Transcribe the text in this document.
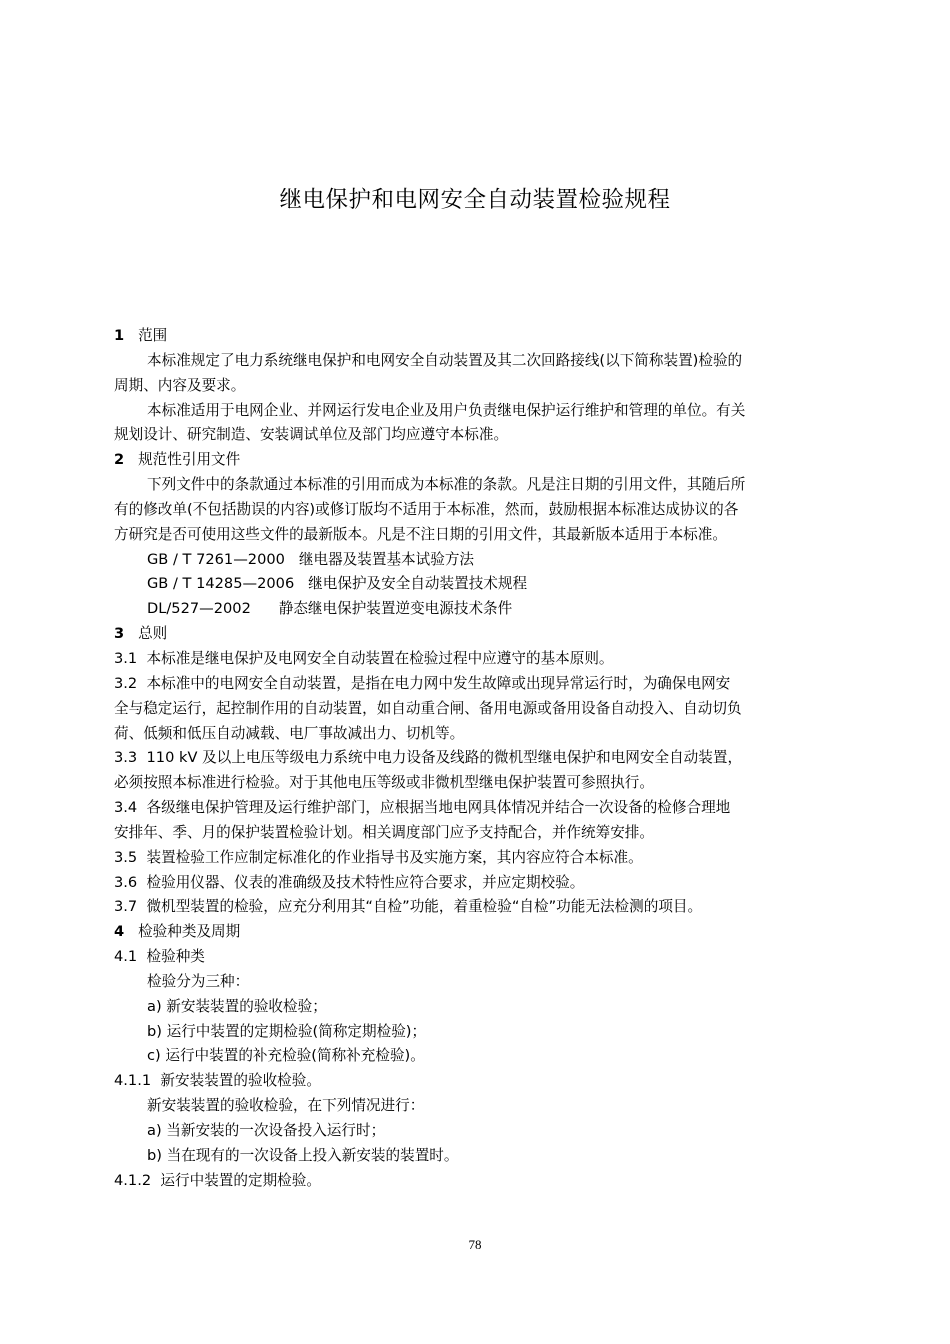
继电保护和电网安全自动装置检验规程
1 范围
本标准规定了电力系统继电保护和电网安全自动装置及其二次回路接线(以下简称装置)检验的
周期、内容及要求。
本标准适用于电网企业、并网运行发电企业及用户负责继电保护运行维护和管理的单位。有关
规划设计、研究制造、安装调试单位及部门均应遵守本标准。
2 规范性引用文件
下列文件中的条款通过本标准的引用而成为本标准的条款。凡是注日期的引用文件，其随后所
有的修改单(不包括勘误的内容)或修订版均不适用于本标准，然而，鼓励根据本标准达成协议的各
方研究是否可使用这些文件的最新版本。凡是不注日期的引用文件，其最新版本适用于本标准。
GB / T 7261—2000 继电器及装置基本试验方法
GB / T 14285—2006 继电保护及安全自动装置技术规程
DL/527—2002 静态继电保护装置逆变电源技术条件
3 总则
3.1 本标准是继电保护及电网安全自动装置在检验过程中应遵守的基本原则。
3.2 本标准中的电网安全自动装置，是指在电力网中发生故障或出现异常运行时，为确保电网安
全与稳定运行，起控制作用的自动装置，如自动重合闸、备用电源或备用设备自动投入、自动切负
荷、低频和低压自动减载、电厂事故减出力、切机等。
3.3 110 kV 及以上电压等级电力系统中电力设备及线路的微机型继电保护和电网安全自动装置，
必须按照本标准进行检验。对于其他电压等级或非微机型继电保护装置可参照执行。
3.4 各级继电保护管理及运行维护部门，应根据当地电网具体情况并结合一次设备的检修合理地
安排年、季、月的保护装置检验计划。相关调度部门应予支持配合，并作统筹安排。
3.5 装置检验工作应制定标准化的作业指导书及实施方案，其内容应符合本标准。
3.6 检验用仪器、仪表的准确级及技术特性应符合要求，并应定期校验。
3.7 微机型装置的检验，应充分利用其“自检”功能，着重检验“自检”功能无法检测的项目。
4 检验种类及周期
4.1 检验种类
检验分为三种：
a) 新安装装置的验收检验；
b) 运行中装置的定期检验(简称定期检验)；
c) 运行中装置的补充检验(简称补充检验)。
4.1.1 新安装装置的验收检验。
新安装装置的验收检验，在下列情况进行：
a) 当新安装的一次设备投入运行时；
b) 当在现有的一次设备上投入新安装的装置时。
4.1.2 运行中装置的定期检验。
78
